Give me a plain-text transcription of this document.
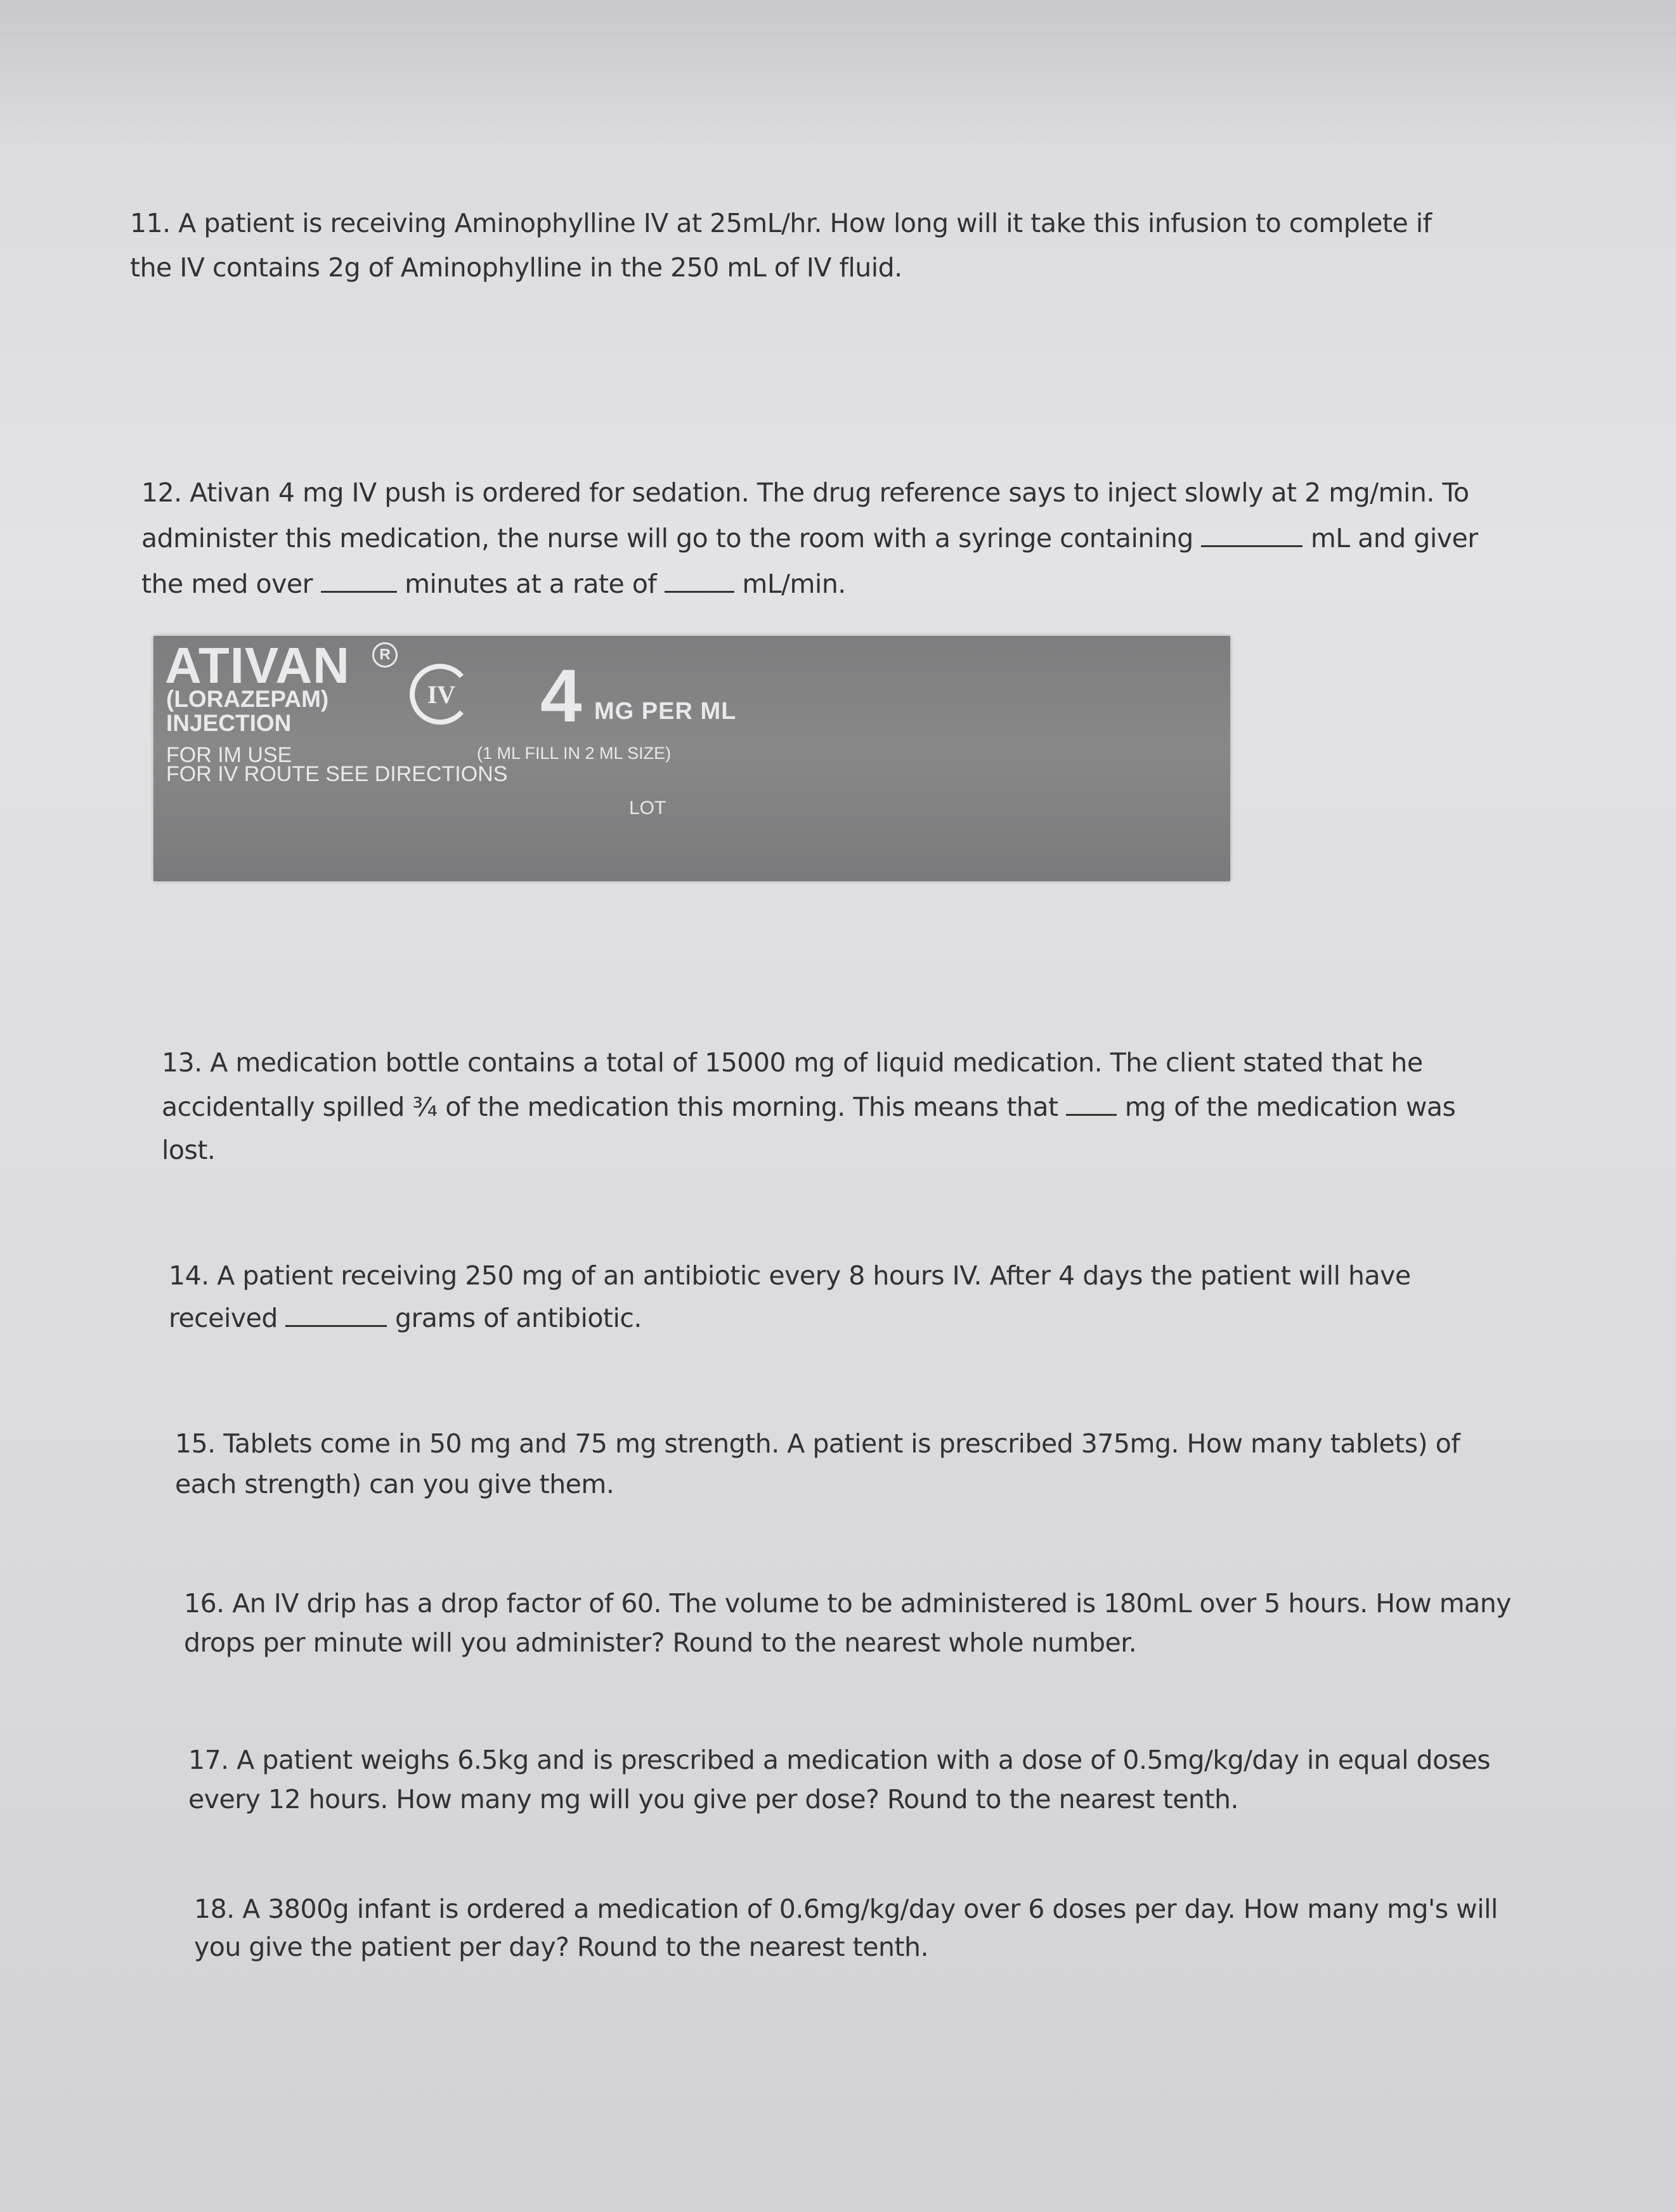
11. A patient is receiving Aminophylline IV at 25mL/hr. How long will it take this infusion to complete if
the IV contains 2g of Aminophylline in the 250 mL of IV fluid.
12. Ativan 4 mg IV push is ordered for sedation. The drug reference says to inject slowly at 2 mg/min. To
administer this medication, the nurse will go to the room with a syringe containing	mL and giver
the med over	minutes at a rate of	mL/min.
ATIVAN	R
(LORAZEPAM)
INJECTION
IV 4 MG PER ML
FOR IM USE	(1 ML FILL IN 2 ML SIZE)
FOR IV ROUTE SEE DIRECTIONS
LOT
13. A medication bottle contains a total of 15000 mg of liquid medication. The client stated that he
accidentally spilled ¾ of the medication this morning. This means that	mg of the medication was
lost.
14. A patient receiving 250 mg of an antibiotic every 8 hours IV. After 4 days the patient will have
received	grams of antibiotic.
15. Tablets come in 50 mg and 75 mg strength. A patient is prescribed 375mg. How many tablets) of
each strength) can you give them.
16. An IV drip has a drop factor of 60. The volume to be administered is 180mL over 5 hours. How many
drops per minute will you administer? Round to the nearest whole number.
17. A patient weighs 6.5kg and is prescribed a medication with a dose of 0.5mg/kg/day in equal doses
every 12 hours. How many mg will you give per dose? Round to the nearest tenth.
18. A 3800g infant is ordered a medication of 0.6mg/kg/day over 6 doses per day. How many mg's will
you give the patient per day? Round to the nearest tenth.
